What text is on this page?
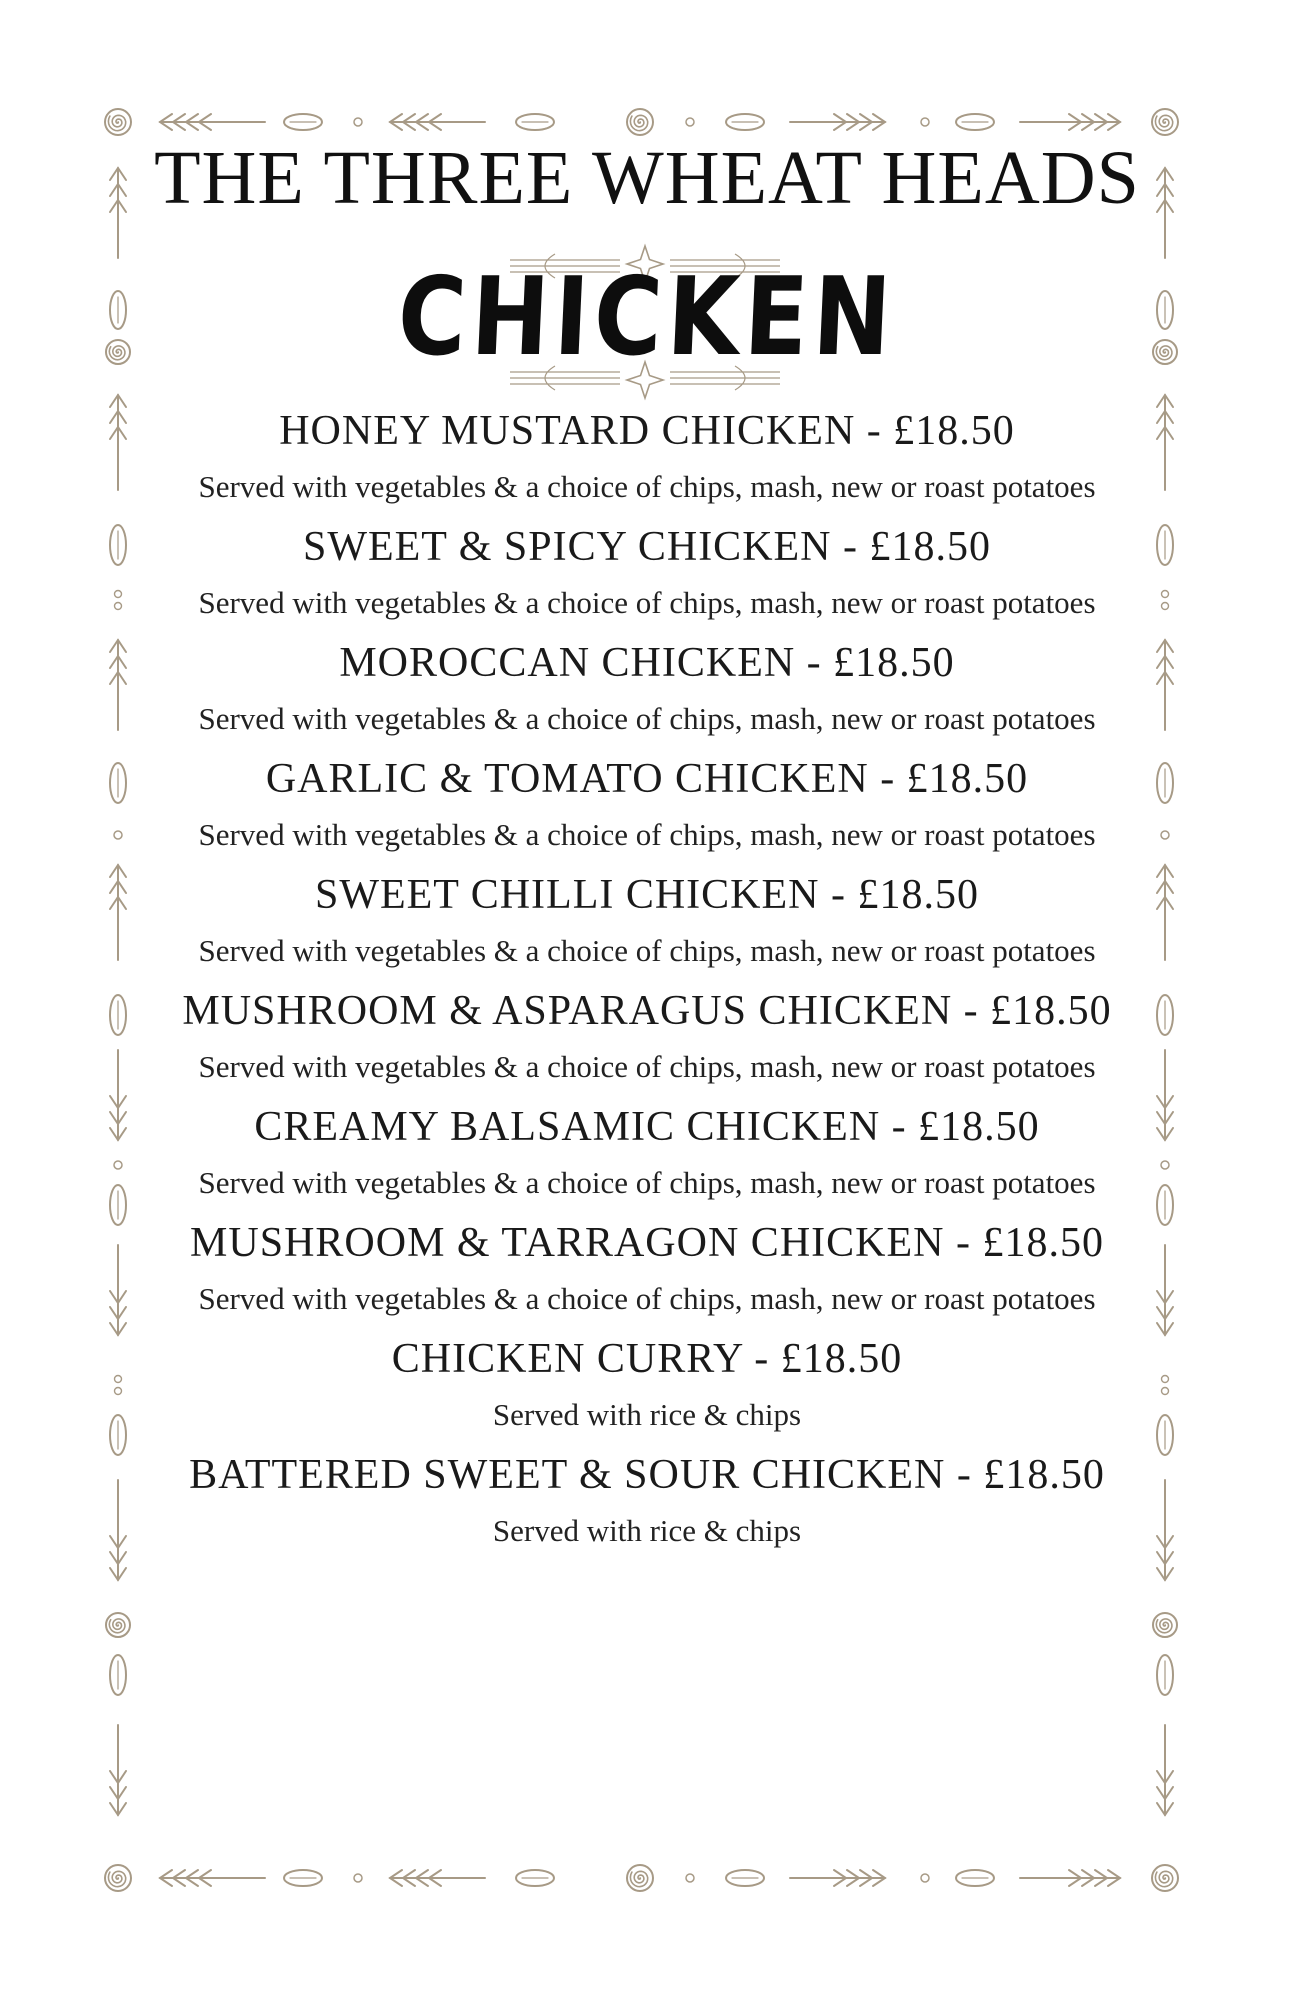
THE THREE WHEAT HEADS
CHICKEN
HONEY MUSTARD CHICKEN - £18.50
Served with vegetables & a choice of chips, mash, new or roast potatoes
SWEET & SPICY CHICKEN - £18.50
Served with vegetables & a choice of chips, mash, new or roast potatoes
MOROCCAN CHICKEN - £18.50
Served with vegetables & a choice of chips, mash, new or roast potatoes
GARLIC & TOMATO CHICKEN - £18.50
Served with vegetables & a choice of chips, mash, new or roast potatoes
SWEET CHILLI CHICKEN - £18.50
Served with vegetables & a choice of chips, mash, new or roast potatoes
MUSHROOM & ASPARAGUS CHICKEN - £18.50
Served with vegetables & a choice of chips, mash, new or roast potatoes
CREAMY BALSAMIC CHICKEN - £18.50
Served with vegetables & a choice of chips, mash, new or roast potatoes
MUSHROOM & TARRAGON CHICKEN - £18.50
Served with vegetables & a choice of chips, mash, new or roast potatoes
CHICKEN CURRY - £18.50
Served with rice & chips
BATTERED SWEET & SOUR CHICKEN - £18.50
Served with rice & chips
